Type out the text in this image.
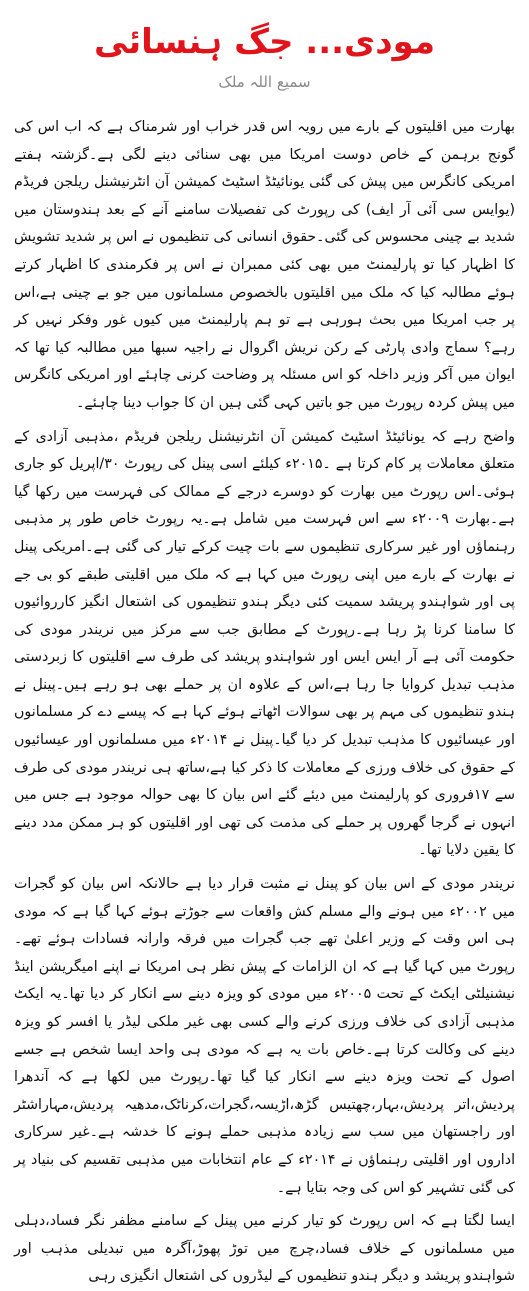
مودی... جگ ہنسائی
سمیع اللہ ملک

بھارت میں اقلیتوں کے بارے میں رویہ اس قدر خراب اور شرمناک ہے کہ اب اس کی گونج برہمن کے خاص دوست امریکا میں بھی سنائی دینے لگی ہے۔گزشتہ ہفتے امریکی کانگرس میں پیش کی گئی یونائیٹڈ اسٹیٹ کمیشن آن انٹرنیشنل ریلجن فریڈم (یوایس سی آئی آر ایف) کی رپورٹ کی تفصیلات سامنے آنے کے بعد ہندوستان میں شدید بے چینی محسوس کی گئی۔حقوق انسانی کی تنظیموں نے اس پر شدید تشویش کا اظہار کیا تو پارلیمنٹ میں بھی کئی ممبران نے اس پر فکرمندی کا اظہار کرتے ہوئے مطالبہ کیا کہ ملک میں اقلیتوں بالخصوص مسلمانوں میں جو بے چینی ہے،اس پر جب امریکا میں بحث ہورہی ہے تو ہم پارلیمنٹ میں کیوں غور وفکر نہیں کر رہے؟ سماج وادی پارٹی کے رکن نریش اگروال نے راجیہ سبھا میں مطالبہ کیا تھا کہ ایوان میں آکر وزیر داخلہ کو اس مسئلہ پر وضاحت کرنی چاہئے اور امریکی کانگرس میں پیش کردہ رپورٹ میں جو باتیں کہی گئی ہیں ان کا جواب دینا چاہئے۔

واضح رہے کہ یونائیٹڈ اسٹیٹ کمیشن آن انٹرنیشنل ریلجن فریڈم ،مذہبی آزادی کے متعلق معاملات پر کام کرتا ہے ۔۲۰۱۵ء کیلئے اسی پینل کی رپورٹ ۳۰/اپریل کو جاری ہوئی۔اس رپورٹ میں بھارت کو دوسرے درجے کے ممالک کی فہرست میں رکھا گیا ہے۔بھارت ۲۰۰۹ء سے اس فہرست میں شامل ہے۔یہ رپورٹ خاص طور پر مذہبی رہنماؤں اور غیر سرکاری تنظیموں سے بات چیت کرکے تیار کی گئی ہے۔امریکی پینل نے بھارت کے بارے میں اپنی رپورٹ میں کہا ہے کہ ملک میں اقلیتی طبقے کو بی جے پی اور شواہندو پریشد سمیت کئی دیگر ہندو تنظیموں کی اشتعال انگیز کارروائیوں کا سامنا کرنا پڑ رہا ہے۔رپورٹ کے مطابق جب سے مرکز میں نریندر مودی کی حکومت آئی ہے آر ایس ایس اور شواہندو پریشد کی طرف سے اقلیتوں کا زبردستی مذہب تبدیل کروایا جا رہا ہے،اس کے علاوہ ان پر حملے بھی ہو رہے ہیں۔پینل نے ہندو تنظیموں کی مہم پر بھی سوالات اٹھاتے ہوئے کہا ہے کہ پیسے دے کر مسلمانوں اور عیسائیوں کا مذہب تبدیل کر دیا گیا۔پینل نے ۲۰۱۴ء میں مسلمانوں اور عیسائیوں کے حقوق کی خلاف ورزی کے معاملات کا ذکر کیا ہے،ساتھ ہی نریندر مودی کی طرف سے ۱۷فروری کو پارلیمنٹ میں دیئے گئے اس بیان کا بھی حوالہ موجود ہے جس میں انہوں نے گرجا گھروں پر حملے کی مذمت کی تھی اور اقلیتوں کو ہر ممکن مدد دینے کا یقین دلایا تھا۔

نریندر مودی کے اس بیان کو پینل نے مثبت قرار دیا ہے حالانکہ اس بیان کو گجرات میں ۲۰۰۲ء میں ہونے والے مسلم کش واقعات سے جوڑتے ہوئے کہا گیا ہے کہ مودی ہی اس وقت کے وزیر اعلیٰ تھے جب گجرات میں فرقہ وارانہ فسادات ہوئے تھے۔رپورٹ میں کہا گیا ہے کہ ان الزامات کے پیش نظر ہی امریکا نے اپنے امیگریشن اینڈ نیشنیلٹی ایکٹ کے تحت ۲۰۰۵ء میں مودی کو ویزہ دینے سے انکار کر دیا تھا۔یہ ایکٹ مذہبی آزادی کی خلاف ورزی کرنے والے کسی بھی غیر ملکی لیڈر یا افسر کو ویزہ دینے کی وکالت کرتا ہے۔خاص بات یہ ہے کہ مودی ہی واحد ایسا شخص ہے جسے اصول کے تحت ویزہ دینے سے انکار کیا گیا تھا۔رپورٹ میں لکھا ہے کہ آندھرا پردیش،اتر پردیش،بہار،چھتیس گڑھ،اڑیسہ،گجرات،کرناٹک،مدھیہ پردیش،مہاراشٹر اور راجستھان میں سب سے زیادہ مذہبی حملے ہونے کا خدشہ ہے۔غیر سرکاری اداروں اور اقلیتی رہنماؤں نے ۲۰۱۴ء کے عام انتخابات میں مذہبی تقسیم کی بنیاد پر کی گئی تشہیر کو اس کی وجہ بتایا ہے۔

ایسا لگتا ہے کہ اس رپورٹ کو تیار کرنے میں پینل کے سامنے مظفر نگر فساد،دہلی میں مسلمانوں کے خلاف فساد،چرچ میں توڑ پھوڑ،آگرہ میں تبدیلی مذہب اور شواہندو پریشد و دیگر ہندو تنظیموں کے لیڈروں کی اشتعال انگیزی رہی
